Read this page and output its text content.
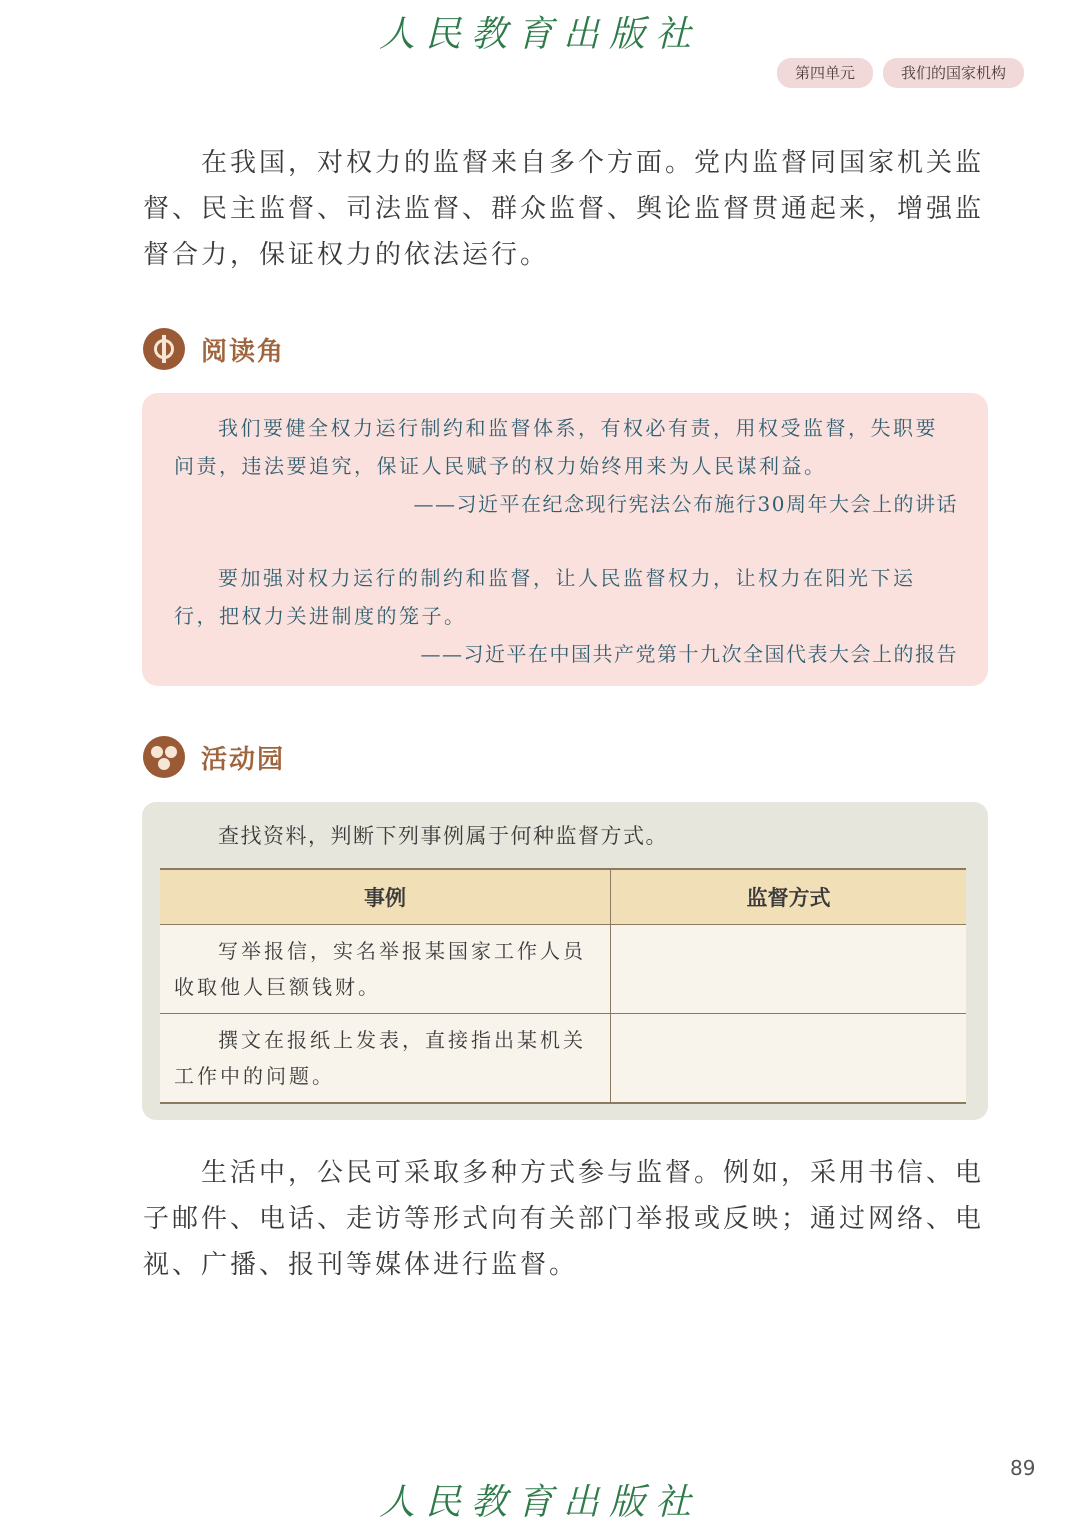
人民教育出版社
第四单元	我们的国家机构

在我国，对权力的监督来自多个方面。党内监督同国家机关监督、民主监督、司法监督、群众监督、舆论监督贯通起来，增强监督合力，保证权力的依法运行。

阅读角

我们要健全权力运行制约和监督体系，有权必有责，用权受监督，失职要问责，违法要追究，保证人民赋予的权力始终用来为人民谋利益。

——习近平在纪念现行宪法公布施行30周年大会上的讲话

要加强对权力运行的制约和监督，让人民监督权力，让权力在阳光下运行，把权力关进制度的笼子。

——习近平在中国共产党第十九次全国代表大会上的报告

活动园

查找资料，判断下列事例属于何种监督方式。

事例	监督方式

写举报信，实名举报某国家工作人员收取他人巨额钱财。	

撰文在报纸上发表，直接指出某机关工作中的问题。	

生活中，公民可采取多种方式参与监督。例如，采用书信、电子邮件、电话、走访等形式向有关部门举报或反映；通过网络、电视、广播、报刊等媒体进行监督。

89
人民教育出版社
